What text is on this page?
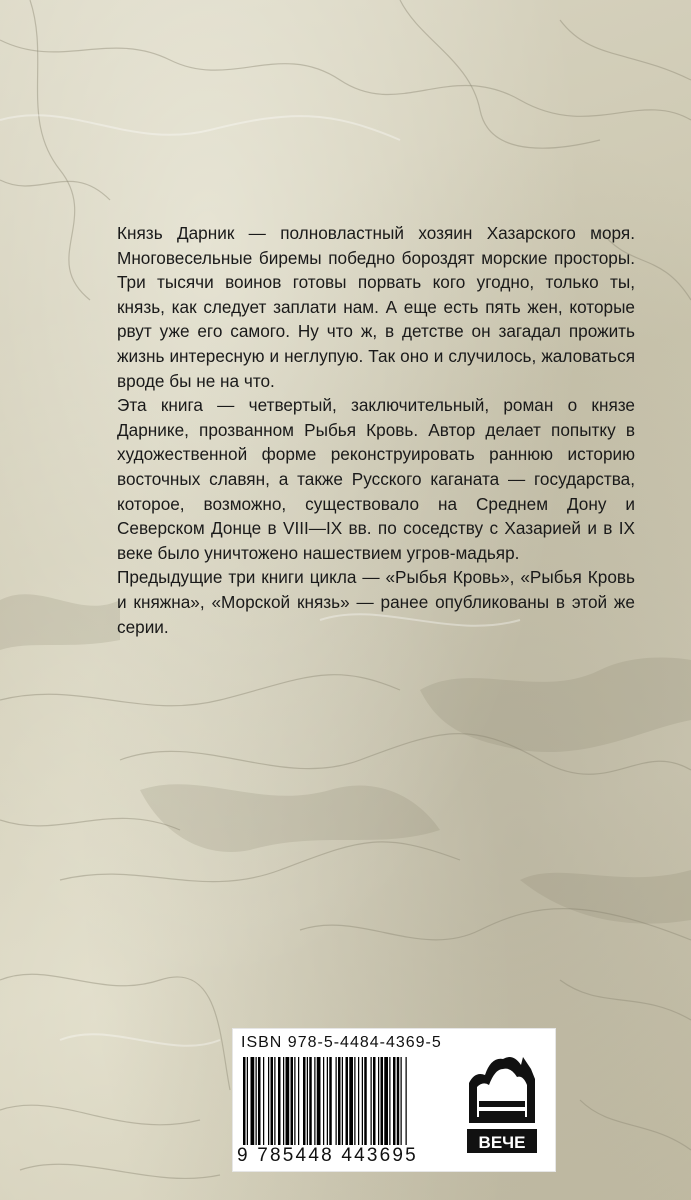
Князь Дарник — полновластный хозяин Хазарского моря. Многовесельные биремы победно бороздят морские просторы. Три тысячи воинов готовы порвать кого угодно, только ты, князь, как следует заплати нам. А еще есть пять жен, которые рвут уже его самого. Ну что ж, в детстве он загадал прожить жизнь интересную и неглупую. Так оно и случилось, жаловаться вроде бы не на что.

Эта книга — четвертый, заключительный, роман о князе Дарнике, прозванном Рыбья Кровь. Автор делает попытку в художественной форме реконструировать раннюю историю восточных славян, а также Русского каганата — государства, которое, возможно, существовало на Среднем Дону и Северском Донце в VIII—IX вв. по соседству с Хазарией и в IX веке было уничтожено нашествием угров-мадьяр.

Предыдущие три книги цикла — «Рыбья Кровь», «Рыбья Кровь и княжна», «Морской князь» — ранее опубликованы в этой же серии.

ISBN 978-5-4484-4369-5
9 785448 443695
ВЕЧЕ
